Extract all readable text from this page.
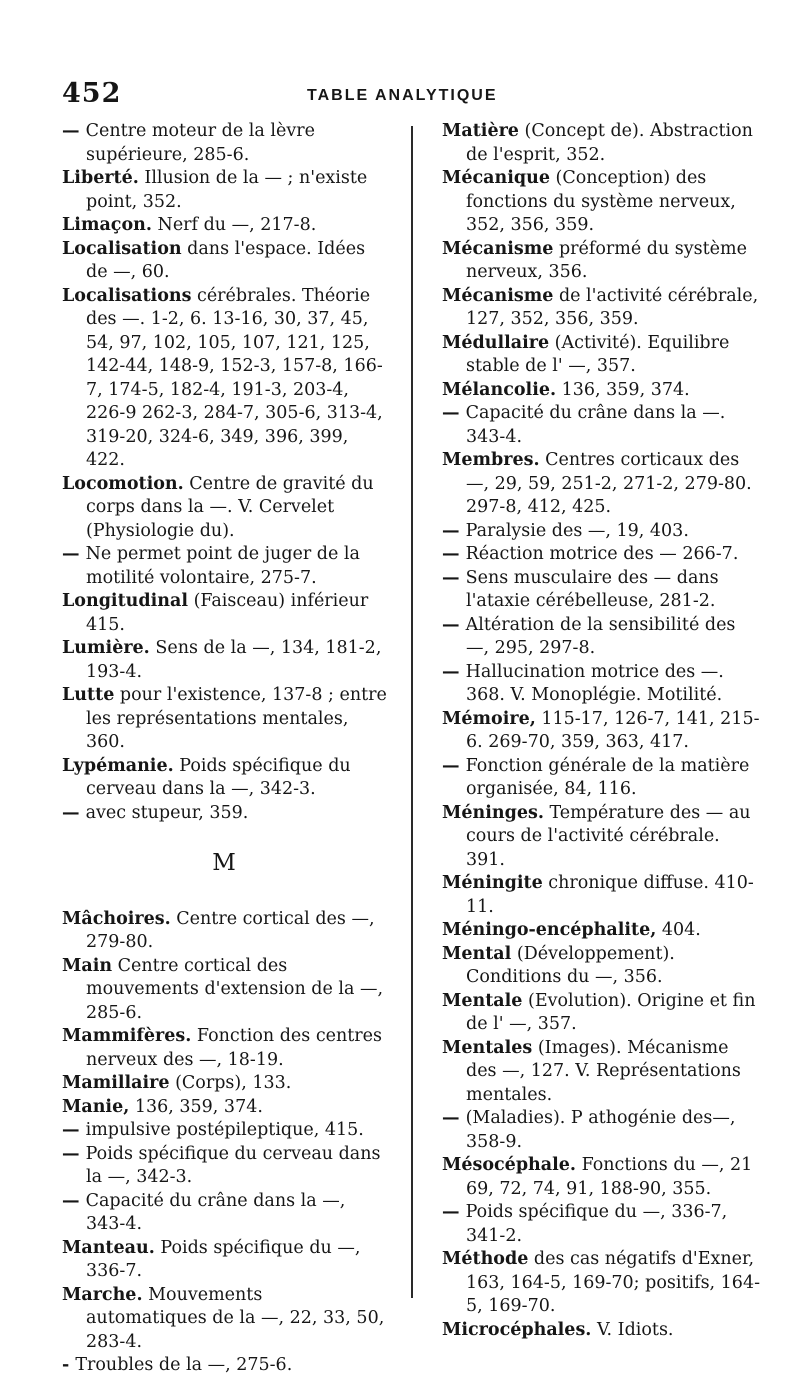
452	TABLE ANALYTIQUE

— Centre moteur de la lèvre supérieure, 285-6.

Liberté. Illusion de la — ; n'existe point, 352.

Limaçon. Nerf du —, 217-8.

Localisation dans l'espace. Idées de —, 60.

Localisations cérébrales. Théorie des —. 1-2, 6. 13-16, 30, 37, 45, 54, 97, 102, 105, 107, 121, 125, 142-44, 148-9, 152-3, 157-8, 166-7, 174-5, 182-4, 191-3, 203-4, 226-9 262-3, 284-7, 305-6, 313-4, 319-20, 324-6, 349, 396, 399, 422.

Locomotion. Centre de gravité du corps dans la —. V. Cervelet (Physiologie du).

— Ne permet point de juger de la motilité volontaire, 275-7.

Longitudinal (Faisceau) inférieur 415.

Lumière. Sens de la —, 134, 181-2, 193-4.

Lutte pour l'existence, 137-8 ; entre les représentations mentales, 360.

Lypémanie. Poids spécifique du cerveau dans la —, 342-3.

— avec stupeur, 359.

M

Mâchoires. Centre cortical des —, 279-80.

Main Centre cortical des mouvements d'extension de la —, 285-6.

Mammifères. Fonction des centres nerveux des —, 18-19.

Mamillaire (Corps), 133.

Manie, 136, 359, 374.

— impulsive postépileptique, 415.

— Poids spécifique du cerveau dans la —, 342-3.

— Capacité du crâne dans la —, 343-4.

Manteau. Poids spécifique du —, 336-7.

Marche. Mouvements automatiques de la —, 22, 33, 50, 283-4.

- Troubles de la —, 275-6.

Matière (Concept de). Abstraction de l'esprit, 352.

Mécanique (Conception) des fonctions du système nerveux, 352, 356, 359.

Mécanisme préformé du système nerveux, 356.

Mécanisme de l'activité cérébrale, 127, 352, 356, 359.

Médullaire (Activité). Equilibre stable de l' —, 357.

Mélancolie. 136, 359, 374.

— Capacité du crâne dans la —. 343-4.

Membres. Centres corticaux des —, 29, 59, 251-2, 271-2, 279-80. 297-8, 412, 425.

— Paralysie des —, 19, 403.

— Réaction motrice des — 266-7.

— Sens musculaire des — dans l'ataxie cérébelleuse, 281-2.

— Altération de la sensibilité des —, 295, 297-8.

— Hallucination motrice des —. 368. V. Monoplégie. Motilité.

Mémoire, 115-17, 126-7, 141, 215-6. 269-70, 359, 363, 417.

— Fonction générale de la matière organisée, 84, 116.

Méninges. Température des — au cours de l'activité cérébrale. 391.

Méningite chronique diffuse. 410-11.

Méningo-encéphalite, 404.

Mental (Développement). Conditions du —, 356.

Mentale (Evolution). Origine et fin de l' —, 357.

Mentales (Images). Mécanisme des —, 127. V. Représentations mentales.

— (Maladies). P athogénie des—, 358-9.

Mésocéphale. Fonctions du —, 21 69, 72, 74, 91, 188-90, 355.

— Poids spécifique du —, 336-7, 341-2.

Méthode des cas négatifs d'Exner, 163, 164-5, 169-70; positifs, 164-5, 169-70.

Microcéphales. V. Idiots.
